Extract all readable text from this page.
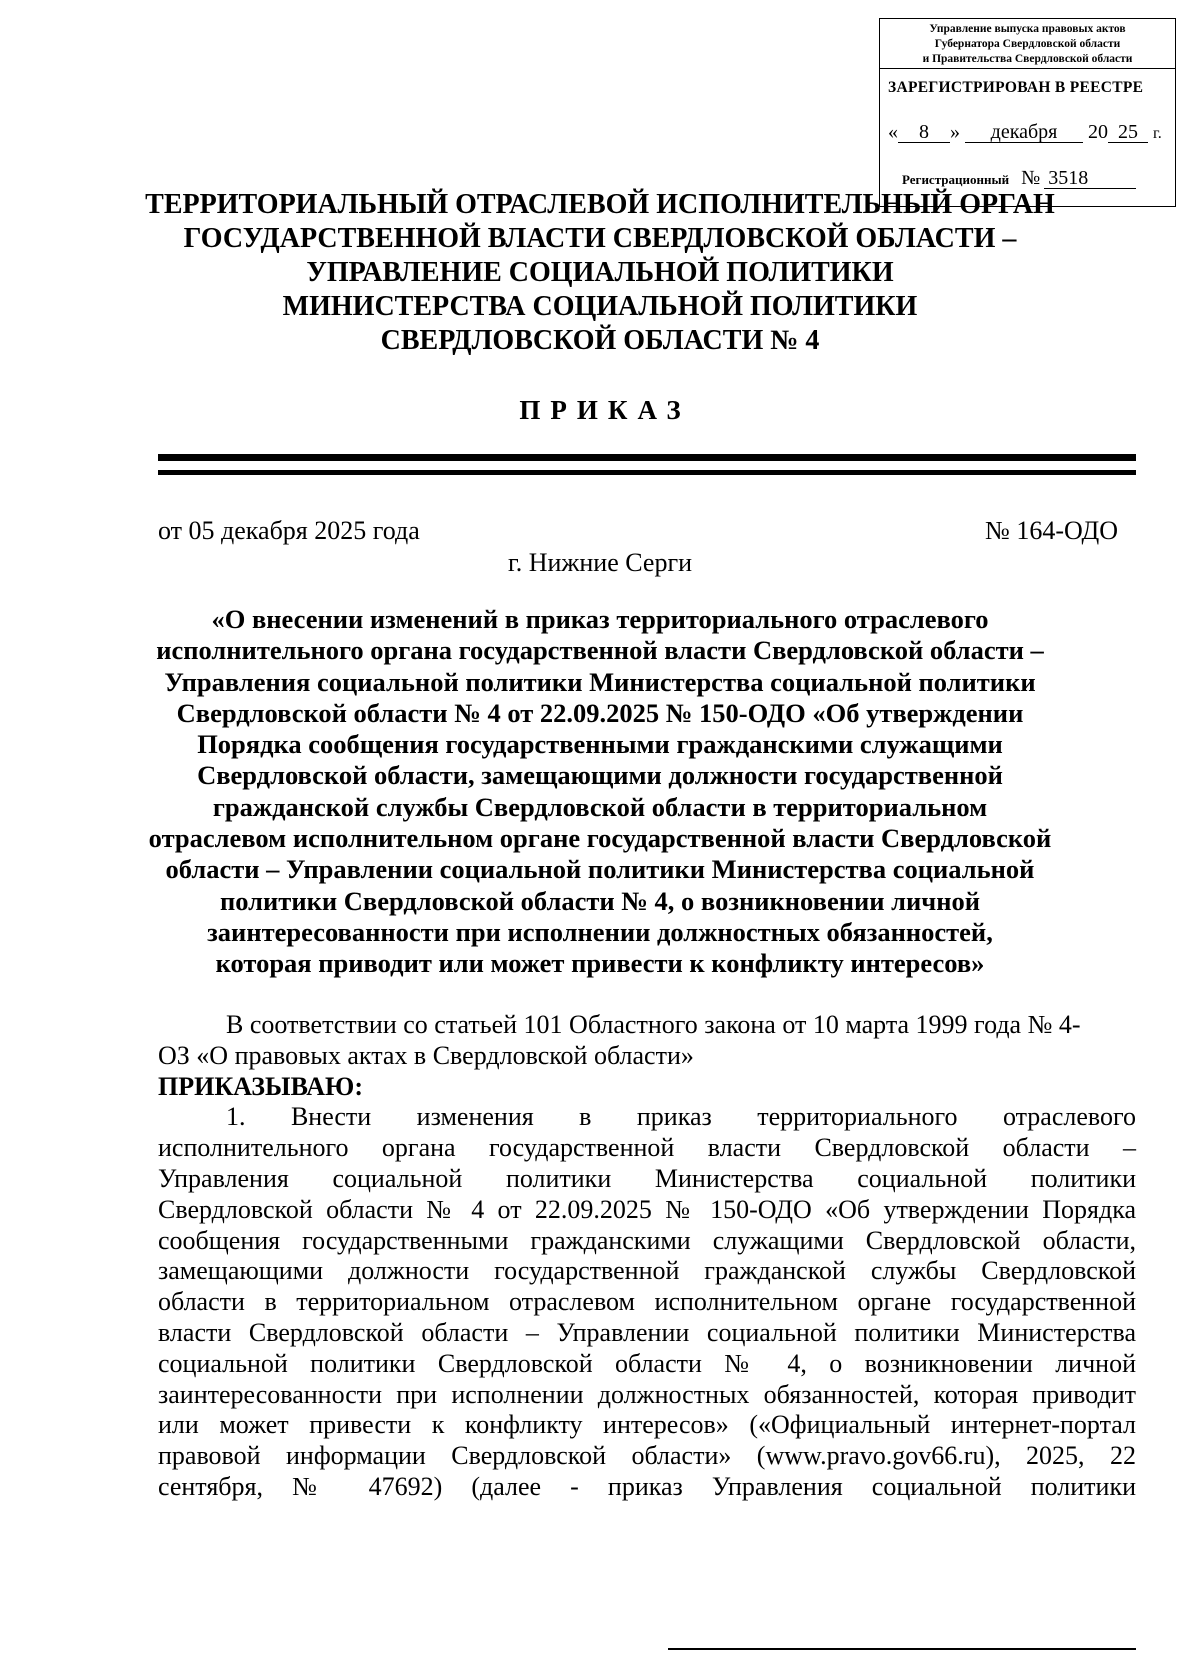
Управление выпуска правовых актов
Губернатора Свердловской области
и Правительства Свердловской области
ЗАРЕГИСТРИРОВАН В РЕЕСТРЕ
« 8 » декабря 20 25 г.
Регистрационный № 3518
ТЕРРИТОРИАЛЬНЫЙ ОТРАСЛЕВОЙ ИСПОЛНИТЕЛЬНЫЙ ОРГАН
ГОСУДАРСТВЕННОЙ ВЛАСТИ СВЕРДЛОВСКОЙ ОБЛАСТИ –
УПРАВЛЕНИЕ СОЦИАЛЬНОЙ ПОЛИТИКИ
МИНИСТЕРСТВА СОЦИАЛЬНОЙ ПОЛИТИКИ
СВЕРДЛОВСКОЙ ОБЛАСТИ № 4
ПРИКАЗ
от 05 декабря 2025 года	№ 164-ОДО
г. Нижние Серги
«О внесении изменений в приказ территориального отраслевого
исполнительного органа государственной власти Свердловской области –
Управления социальной политики Министерства социальной политики
Свердловской области № 4 от 22.09.2025 № 150-ОДО «Об утверждении
Порядка сообщения государственными гражданскими служащими
Свердловской области, замещающими должности государственной
гражданской службы Свердловской области в территориальном
отраслевом исполнительном органе государственной власти Свердловской
области – Управлении социальной политики Министерства социальной
политики Свердловской области № 4, о возникновении личной
заинтересованности при исполнении должностных обязанностей,
которая приводит или может привести к конфликту интересов»
В соответствии со статьей 101 Областного закона от 10 марта 1999 года № 4-
ОЗ «О правовых актах в Свердловской области»
ПРИКАЗЫВАЮ:
1. Внести изменения в приказ территориального отраслевого
исполнительного органа государственной власти Свердловской области –
Управления социальной политики Министерства социальной политики
Свердловской области № 4 от 22.09.2025 № 150-ОДО «Об утверждении Порядка
сообщения государственными гражданскими служащими Свердловской области,
замещающими должности государственной гражданской службы Свердловской
области в территориальном отраслевом исполнительном органе государственной
власти Свердловской области – Управлении социальной политики Министерства
социальной политики Свердловской области № 4, о возникновении личной
заинтересованности при исполнении должностных обязанностей, которая приводит
или может привести к конфликту интересов» («Официальный интернет-портал
правовой информации Свердловской области» (www.pravo.gov66.ru), 2025, 22
сентября, № 47692) (далее - приказ Управления социальной политики
